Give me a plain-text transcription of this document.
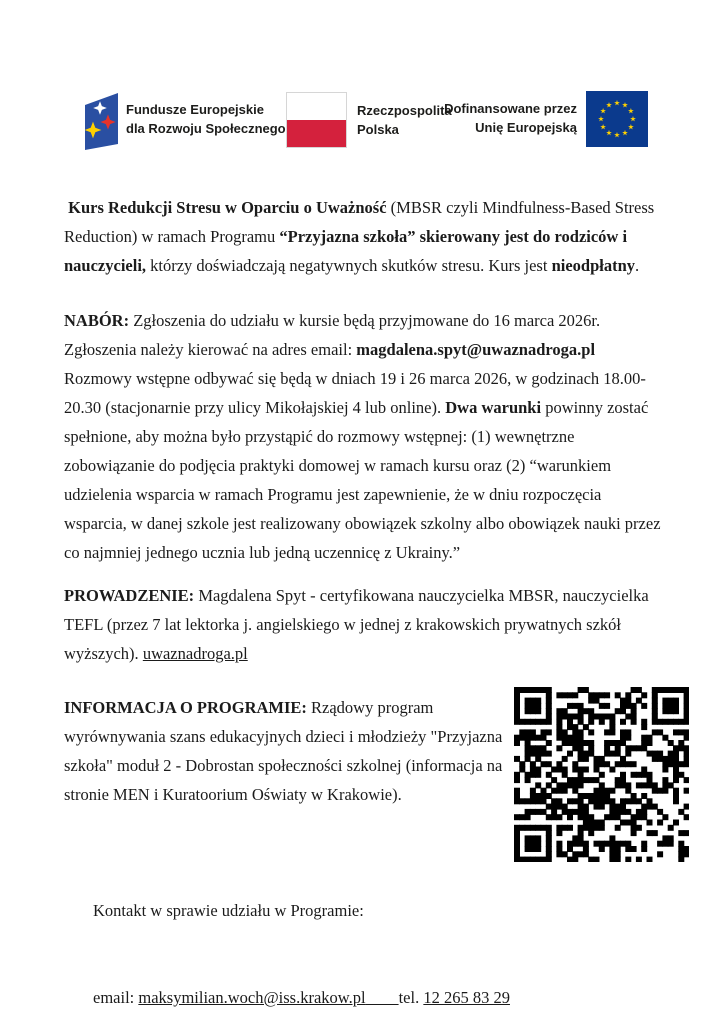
Fundusze Europejskie
dla Rozwoju Społecznego
Rzeczpospolita
Polska
Dofinansowane przez
Unię Europejską
Kurs Redukcji Stresu w Oparciu o Uważność (MBSR czyli Mindfulness-Based Stress Reduction) w ramach Programu “Przyjazna szkoła” skierowany jest do rodziców i nauczycieli, którzy doświadczają negatywnych skutków stresu. Kurs jest nieodpłatny.
NABÓR: Zgłoszenia do udziału w kursie będą przyjmowane do 16 marca 2026r. Zgłoszenia należy kierować na adres email: magdalena.spyt@uwaznadroga.pl Rozmowy wstępne odbywać się będą w dniach 19 i 26 marca 2026, w godzinach 18.00-20.30 (stacjonarnie przy ulicy Mikołajskiej 4 lub online). Dwa warunki powinny zostać spełnione, aby można było przystąpić do rozmowy wstępnej: (1) wewnętrzne zobowiązanie do podjęcia praktyki domowej w ramach kursu oraz (2) “warunkiem udzielenia wsparcia w ramach Programu jest zapewnienie, że w dniu rozpoczęcia wsparcia, w danej szkole jest realizowany obowiązek szkolny albo obowiązek nauki przez co najmniej jednego ucznia lub jedną uczennicę z Ukrainy.”
PROWADZENIE: Magdalena Spyt - certyfikowana nauczycielka MBSR, nauczycielka TEFL (przez 7 lat lektorka j. angielskiego w jednej z krakowskich prywatnych szkół wyższych). uwaznadroga.pl
INFORMACJA O PROGRAMIE: Rządowy program wyrównywania szans edukacyjnych dzieci i młodzieży "Przyjazna szkoła" moduł 2 - Dobrostan społeczności szkolnej (informacja na stronie MEN i Kuratoorium Oświaty w Krakowie).

Kontakt w sprawie udziału w Programie:

email: maksymilian.woch@iss.krakow.pl tel. 12 265 83 29
